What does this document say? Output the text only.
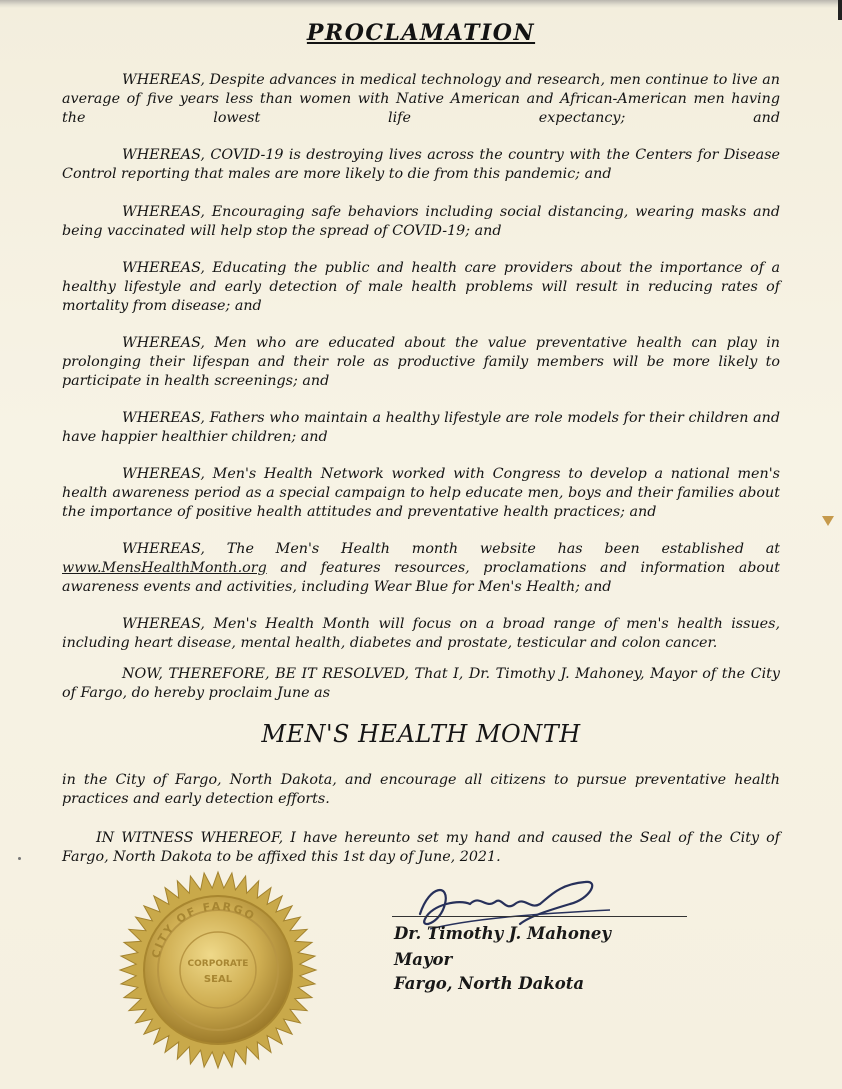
PROCLAMATION

WHEREAS, Despite advances in medical technology and research, men continue to live an average of five years less than women with Native American and African-American men having the lowest life expectancy; and

WHEREAS, COVID-19 is destroying lives across the country with the Centers for Disease Control reporting that males are more likely to die from this pandemic; and

WHEREAS, Encouraging safe behaviors including social distancing, wearing masks and being vaccinated will help stop the spread of COVID-19; and

WHEREAS, Educating the public and health care providers about the importance of a healthy lifestyle and early detection of male health problems will result in reducing rates of mortality from disease; and

WHEREAS, Men who are educated about the value preventative health can play in prolonging their lifespan and their role as productive family members will be more likely to participate in health screenings; and

WHEREAS, Fathers who maintain a healthy lifestyle are role models for their children and have happier healthier children; and

WHEREAS, Men's Health Network worked with Congress to develop a national men's health awareness period as a special campaign to help educate men, boys and their families about the importance of positive health attitudes and preventative health practices; and

WHEREAS, The Men's Health month website has been established at www.MensHealthMonth.org and features resources, proclamations and information about awareness events and activities, including Wear Blue for Men's Health; and

WHEREAS, Men's Health Month will focus on a broad range of men's health issues, including heart disease, mental health, diabetes and prostate, testicular and colon cancer.

NOW, THEREFORE, BE IT RESOLVED, That I, Dr. Timothy J. Mahoney, Mayor of the City of Fargo, do hereby proclaim June as

MEN'S HEALTH MONTH

in the City of Fargo, North Dakota, and encourage all citizens to pursue preventative health practices and early detection efforts.

IN WITNESS WHEREOF, I have hereunto set my hand and caused the Seal of the City of Fargo, North Dakota to be affixed this 1st day of June, 2021.

CITY OF FARGO
CORPORATE
SEAL
Dr. Timothy J. Mahoney
Mayor
Fargo, North Dakota
